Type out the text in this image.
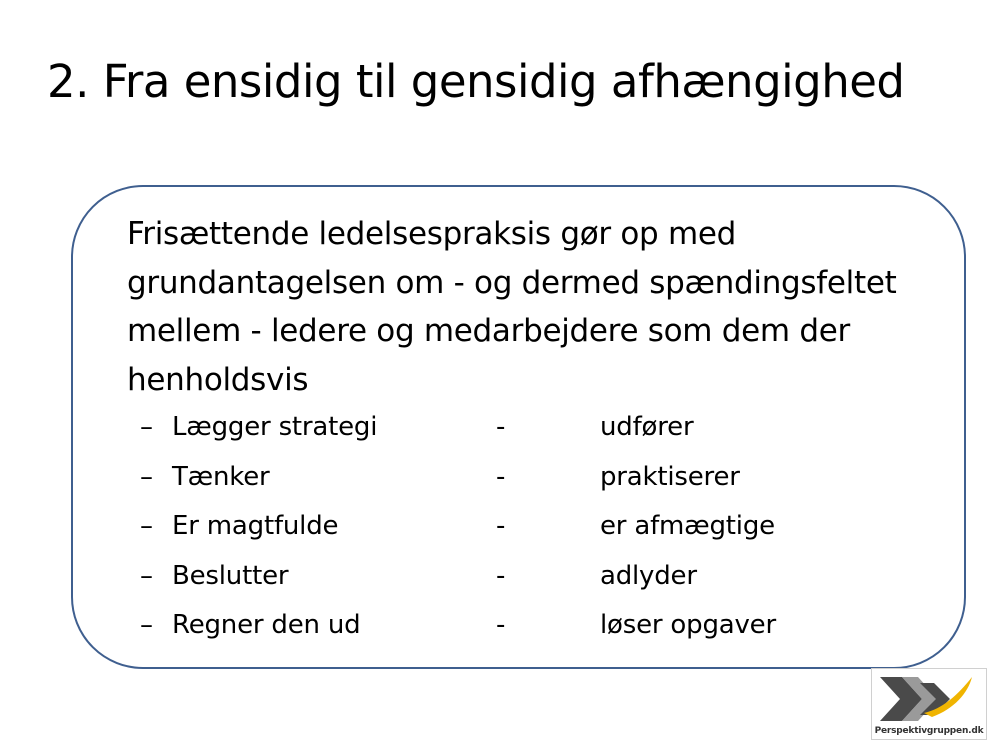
2. Fra ensidig til gensidig afhængighed
Frisættende ledelsespraksis gør op med grundantagelsen om - og dermed spændingsfeltet mellem - ledere og medarbejdere som dem der henholdsvis
– Lægger strategi	-	udfører
– Tænker	-	praktiserer
– Er magtfulde	-	er afmægtige
– Beslutter	-	adlyder
– Regner den ud	-	løser opgaver
Perspektivgruppen.dk
